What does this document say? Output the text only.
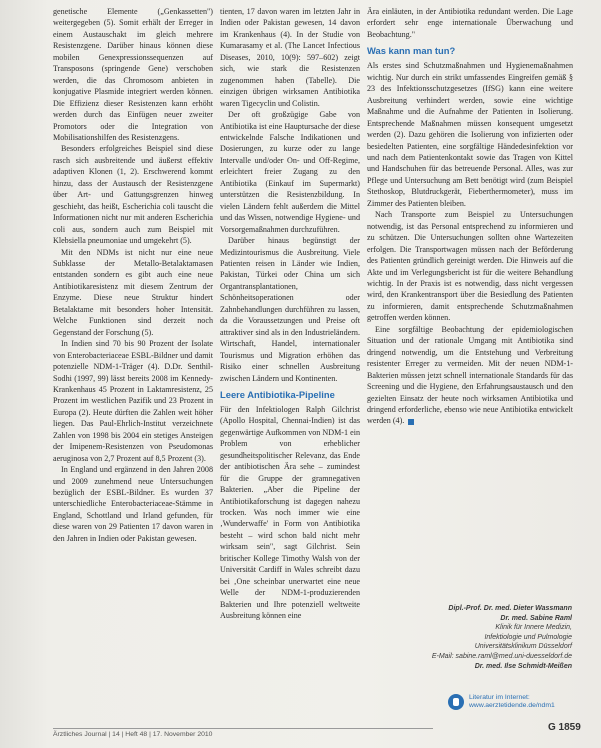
genetische Elemente („Genkassetten") weitergegeben (5). Somit erhält der Erreger in einem Austauschakt im gleich mehrere Resistenzgene. Darüber hinaus können diese mobilen Genexpressionssequenzen auf Transposons (springende Gene) verschoben werden, die das Chromosom anbieten in konjugative Plasmide integriert werden können. Die Effizienz dieser Resistenzen kann erhöht werden durch das Einfügen neuer zweiter Promotors oder die Integration von Mobilisationshilfen des Resistenzgens.

Besonders erfolgreiches Beispiel sind diese rasch sich ausbreitende und äußerst effektiv adaptiven Klonen (1, 2). Erschwerend kommt hinzu, dass der Austausch der Resistenzgene über Art- und Gattungsgrenzen hinweg geschieht, das heißt, Escherichia coli tauscht die Informationen nicht nur mit anderen Escherichia coli aus, sondern auch zum Beispiel mit Klebsiella pneumoniae und umgekehrt (5).

Mit den NDMs ist nicht nur eine neue Subklasse der Metallo-Betalaktamasen entstanden sondern es gibt auch eine neue Antibiotikaresistenz mit diesem Zentrum der Enzyme. Diese neue Struktur hindert Betalaktame mit besonders hoher Intensität. Welche Funktionen sind derzeit noch Gegenstand der Forschung (5).

In Indien sind 70 bis 90 Prozent der Isolate von Enterobacteriaceae ESBL-Bildner und damit potenzielle NDM-1-Träger (4). D.Dr. Senthil-Sodhi (1997, 99) lässt bereits 2008 im Kennedy-Krankenhaus 45 Prozent in Laktamresistenz, 25 Prozent im westlichen Pazifik und 23 Prozent in Europa (2). Heute dürften die Zahlen weit höher liegen. Das Paul-Ehrlich-Institut verzeichnete Zahlen von 1998 bis 2004 ein stetiges Ansteigen der Imipenem-Resistenzen von Pseudomonas aeruginosa von 2,7 Prozent auf 8,5 Prozent (3).

In England und ergänzend in den Jahren 2008 und 2009 zunehmend neue Untersuchungen bezüglich der ESBL-Bildner. Es wurden 37 unterschiedliche Enterobacteriaceae-Stämme in England, Schottland und Irland gefunden, für diese waren von 29 Patienten 17 davon waren in den Jahren in Indien oder Pakistan gewesen.

tienten, 17 davon waren im letzten Jahr in Indien oder Pakistan gewesen, 14 davon im Krankenhaus (4). In der Studie von Kumarasamy et al. (The Lancet Infectious Diseases, 2010, 10(9): 597–602) zeigt sich, wie stark die Resistenzen zugenommen haben (Tabelle). Die einzigen übrigen wirksamen Antibiotika waren Tigecyclin und Colistin.

Der oft großzügige Gabe von Antibiotika ist eine Hauptursache der diese entwickelnde Falsche Indikationen und Dosierungen, zu kurze oder zu lange Intervalle und/oder On- und Off-Regime, erleichtert freier Zugang zu den Antibiotika (Einkauf im Supermarkt) unterstützen die Resistenzbildung. In vielen Ländern fehlt außerdem die Mittel und das Wissen, notwendige Hygiene- und Vorsorgemaßnahmen durchzuführen.

Darüber hinaus begünstigt der Medizintourismus die Ausbreitung. Viele Patienten reisen in Länder wie Indien, Pakistan, Türkei oder China um sich Organtransplantationen, Schönheitsoperationen oder Zahnbehandlungen durchführen zu lassen, da die Voraussetzungen und Preise oft attraktiver sind als in den Industrieländern. Wirtschaft, Handel, internationaler Tourismus und Migration erhöhen das Risiko einer schnellen Ausbreitung zwischen Ländern und Kontinenten.

Leere Antibiotika-Pipeline

Für den Infektiologen Ralph Gilchrist (Apollo Hospital, Chennai-Indien) ist das gegenwärtige Aufkommen von NDM-1 ein Problem von erheblicher gesundheitspolitischer Relevanz, das Ende der antibiotischen Ära sehe – zumindest für die Gruppe der gramnegativen Bakterien. „Aber die Pipeline der Antibiotikaforschung ist dagegen nahezu trocken. Was noch immer wie eine ‚Wunderwaffe' in Form von Antibiotika besteht – wird schon bald nicht mehr wirksam sein", sagt Gilchrist. Sein britischer Kollege Timothy Walsh von der Universität Cardiff in Wales schreibt dazu bei ‚One scheinbar unerwartet eine neue Welle der NDM-1-produzierenden Bakterien und Ihre potenziell weltweite Ausbreitung können eine

Ära einläuten, in der Antibiotika redundant werden. Die Lage erfordert sehr enge internationale Überwachung und Beobachtung."

Was kann man tun?

Als erstes sind Schutzmaßnahmen und Hygienemaßnahmen wichtig. Nur durch ein strikt umfassendes Eingreifen gemäß § 23 des Infektionsschutzgesetzes (IfSG) kann eine weitere Ausbreitung verhindert werden, sowie eine wichtige Maßnahme und die Aufnahme der Patienten in Isolierung. Entsprechende Maßnahmen müssen konsequent umgesetzt werden (2). Dazu gehören die Isolierung von infizierten oder besiedelten Patienten, eine sorgfältige Händedesinfektion vor und nach dem Patientenkontakt sowie das Tragen von Kittel und Handschuhen für das betreuende Personal. Alles, was zur Pflege und Untersuchung am Bett benötigt wird (zum Beispiel Stethoskop, Blutdruckgerät, Fieberthermometer), muss im Zimmer des Patienten bleiben.

Nach Transporte zum Beispiel zu Untersuchungen notwendig, ist das Personal entsprechend zu informieren und zu schützen. Die Untersuchungen sollten ohne Wartezeiten erfolgen. Die Transportwagen müssen nach der Beförderung des Patienten gründlich gereinigt werden. Die Hinweis auf die Akte und im Verlegungsbericht ist für die weitere Behandlung wichtig. In der Praxis ist es notwendig, dass nicht vergessen wird, den Krankentransport über die Besiedlung des Patienten zu informieren, damit entsprechende Schutzmaßnahmen getroffen werden können.

Eine sorgfältige Beobachtung der epidemiologischen Situation und der rationale Umgang mit Antibiotika sind dringend notwendig, um die Entstehung und Verbreitung resistenter Erreger zu vermeiden. Mit der neuen NDM-1-Bakterien müssen jetzt schnell internationale Standards für das Screening und die Hygiene, den Erfahrungsaustausch und den gezielten Einsatz der heute noch wirksamen Antibiotika und dringend erforderliche, ebenso wie neue Antibiotika entwickelt werden (4).

Dipl.-Prof. Dr. med. Dieter Wassmann
Dr. med. Sabine Raml
Klinik für Innere Medizin,
Infektiologie und Pulmologie
Universitätsklinikum Düsseldorf
E-Mail: sabine.raml@med.uni-duesseldorf.de
Dr. med. Ilse Schmidt-Meißen
Literatur im Internet:
www.aerztetidende.de/ndm1
Ärztliches Journal | 14 | Heft 48 | 17. November 2010
G 1859
